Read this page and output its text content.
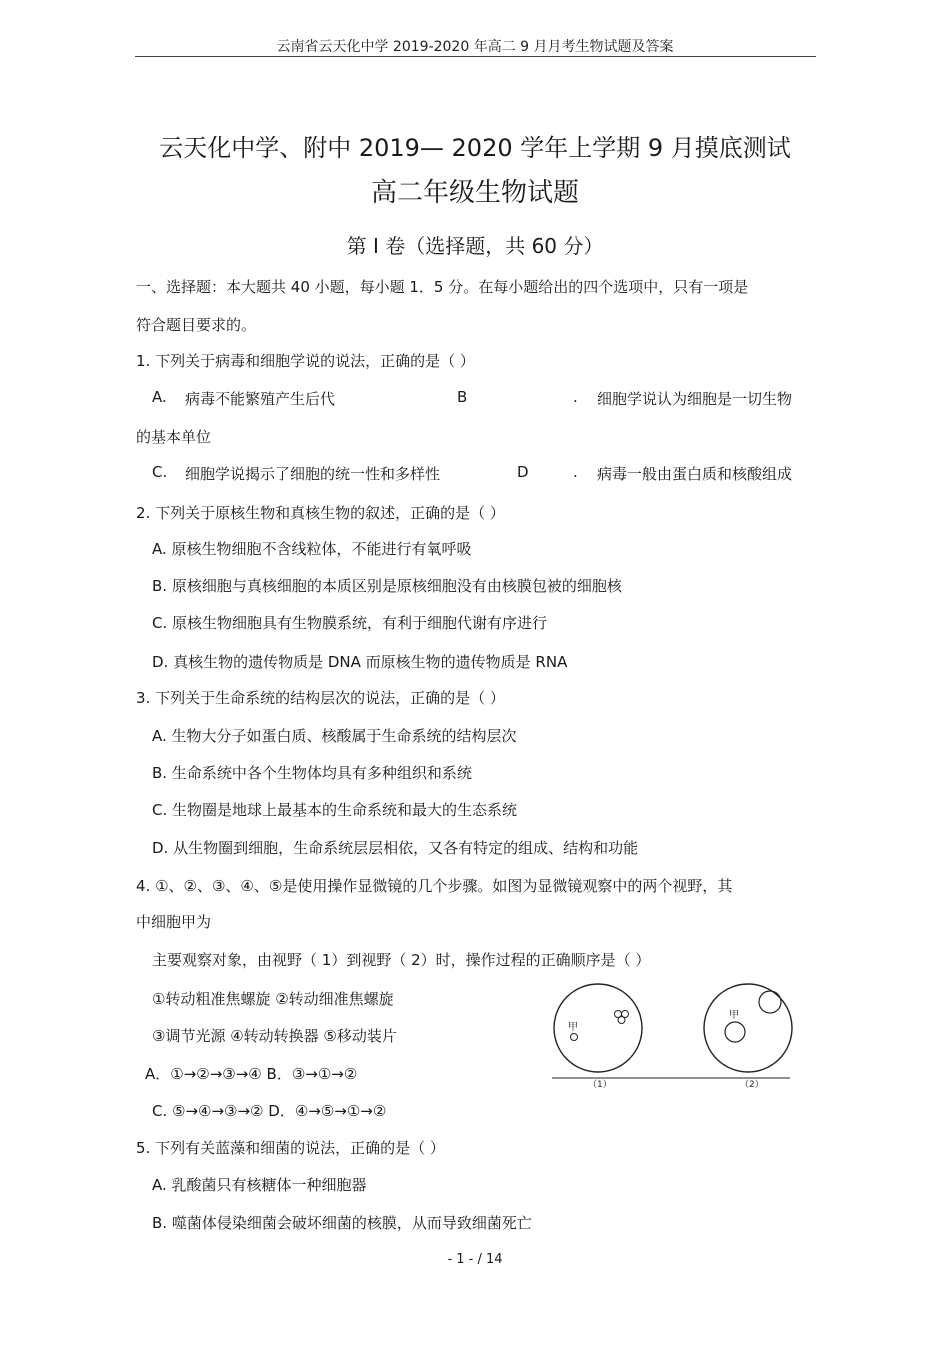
云南省云天化中学 2019-2020 年高二 9 月月考生物试题及答案
云天化中学、附中 2019— 2020 学年上学期 9 月摸底测试
高二年级生物试题
第 I 卷（选择题，共 60 分）
一、选择题：本大题共 40 小题，每小题 1．5 分。在每小题给出的四个选项中，只有一项是
符合题目要求的。
1. 下列关于病毒和细胞学说的说法，正确的是（ ）
A. 病毒不能繁殖产生后代	B	. 细胞学说认为细胞是一切生物
的基本单位
C. 细胞学说揭示了细胞的统一性和多样性	D	. 病毒一般由蛋白质和核酸组成
2. 下列关于原核生物和真核生物的叙述，正确的是（ ）
A. 原核生物细胞不含线粒体，不能进行有氧呼吸
B. 原核细胞与真核细胞的本质区别是原核细胞没有由核膜包被的细胞核
C. 原核生物细胞具有生物膜系统，有利于细胞代谢有序进行
D. 真核生物的遗传物质是 DNA 而原核生物的遗传物质是 RNA
3. 下列关于生命系统的结构层次的说法，正确的是（ ）
A. 生物大分子如蛋白质、核酸属于生命系统的结构层次
B. 生命系统中各个生物体均具有多种组织和系统
C. 生物圈是地球上最基本的生命系统和最大的生态系统
D. 从生物圈到细胞，生命系统层层相依，又各有特定的组成、结构和功能
4. ①、②、③、④、⑤是使用操作显微镜的几个步骤。如图为显微镜观察中的两个视野，其
中细胞甲为
主要观察对象，由视野（ 1）到视野（ 2）时，操作过程的正确顺序是（ ）
①转动粗准焦螺旋 ②转动细准焦螺旋
③调节光源 ④转动转换器 ⑤移动装片
A．①→②→③→④ B．③→①→②
C. ⑤→④→③→② D．④→⑤→①→②
甲
甲
（1）	（2）
5. 下列有关蓝藻和细菌的说法，正确的是（ ）
A. 乳酸菌只有核糖体一种细胞器
B. 噬菌体侵染细菌会破坏细菌的核膜，从而导致细菌死亡
- 1 - / 14
